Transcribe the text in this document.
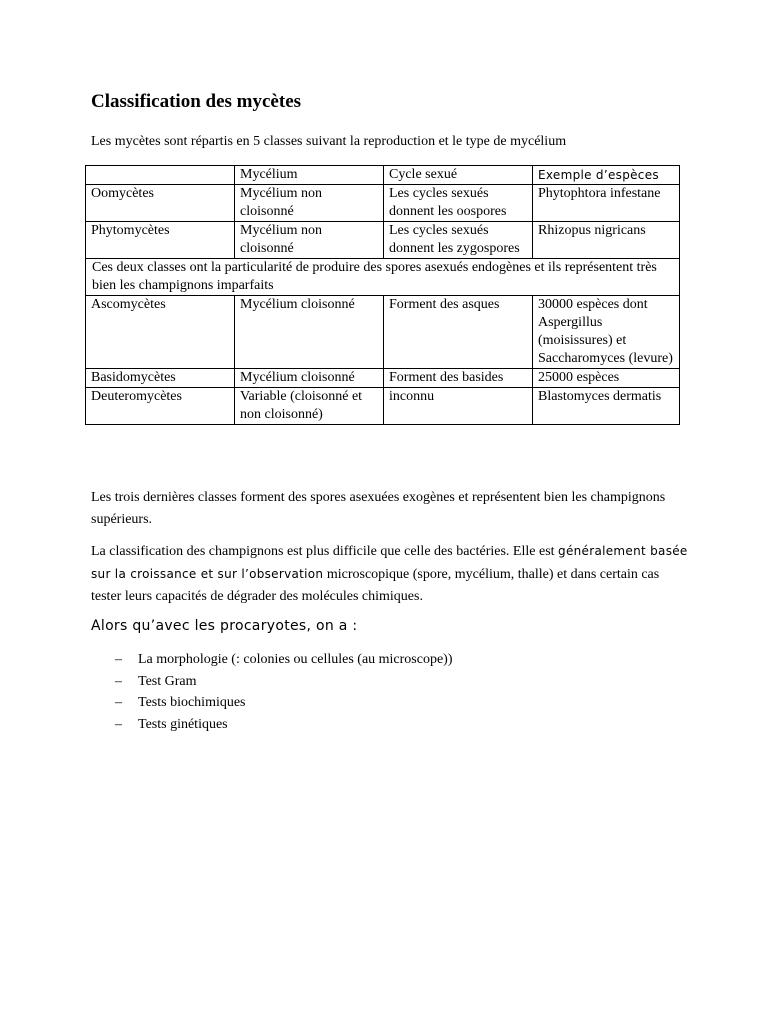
Classification des mycètes

Les mycètes sont répartis en 5 classes suivant la reproduction et le type de mycélium

	Mycélium	Cycle sexué	Exemple d’espèces
Oomycètes	Mycélium non cloisonné	Les cycles sexués donnent les oospores	Phytophtora infestane
Phytomycètes	Mycélium non cloisonné	Les cycles sexués donnent les zygospores	Rhizopus nigricans
Ces deux classes ont la particularité de produire des spores asexués endogènes et ils représentent très bien les champignons imparfaits			
Ascomycètes	Mycélium cloisonné	Forment des asques	30000 espèces dont Aspergillus (moisissures) et Saccharomyces (levure)
Basidomycètes	Mycélium cloisonné	Forment des basides	25000 espèces
Deuteromycètes	Variable (cloisonné et non cloisonné)	inconnu	Blastomyces dermatis

Les trois dernières classes forment des spores asexuées exogènes et représentent bien les champignons supérieurs.

La classification des champignons est plus difficile que celle des bactéries. Elle est généralement basée sur la croissance et sur l’observation microscopique (spore, mycélium, thalle) et dans certain cas tester leurs capacités de dégrader des molécules chimiques.

Alors qu’avec les procaryotes, on a :

– La morphologie (: colonies ou cellules (au microscope))
– Test Gram
– Tests biochimiques
– Tests ginétiques
